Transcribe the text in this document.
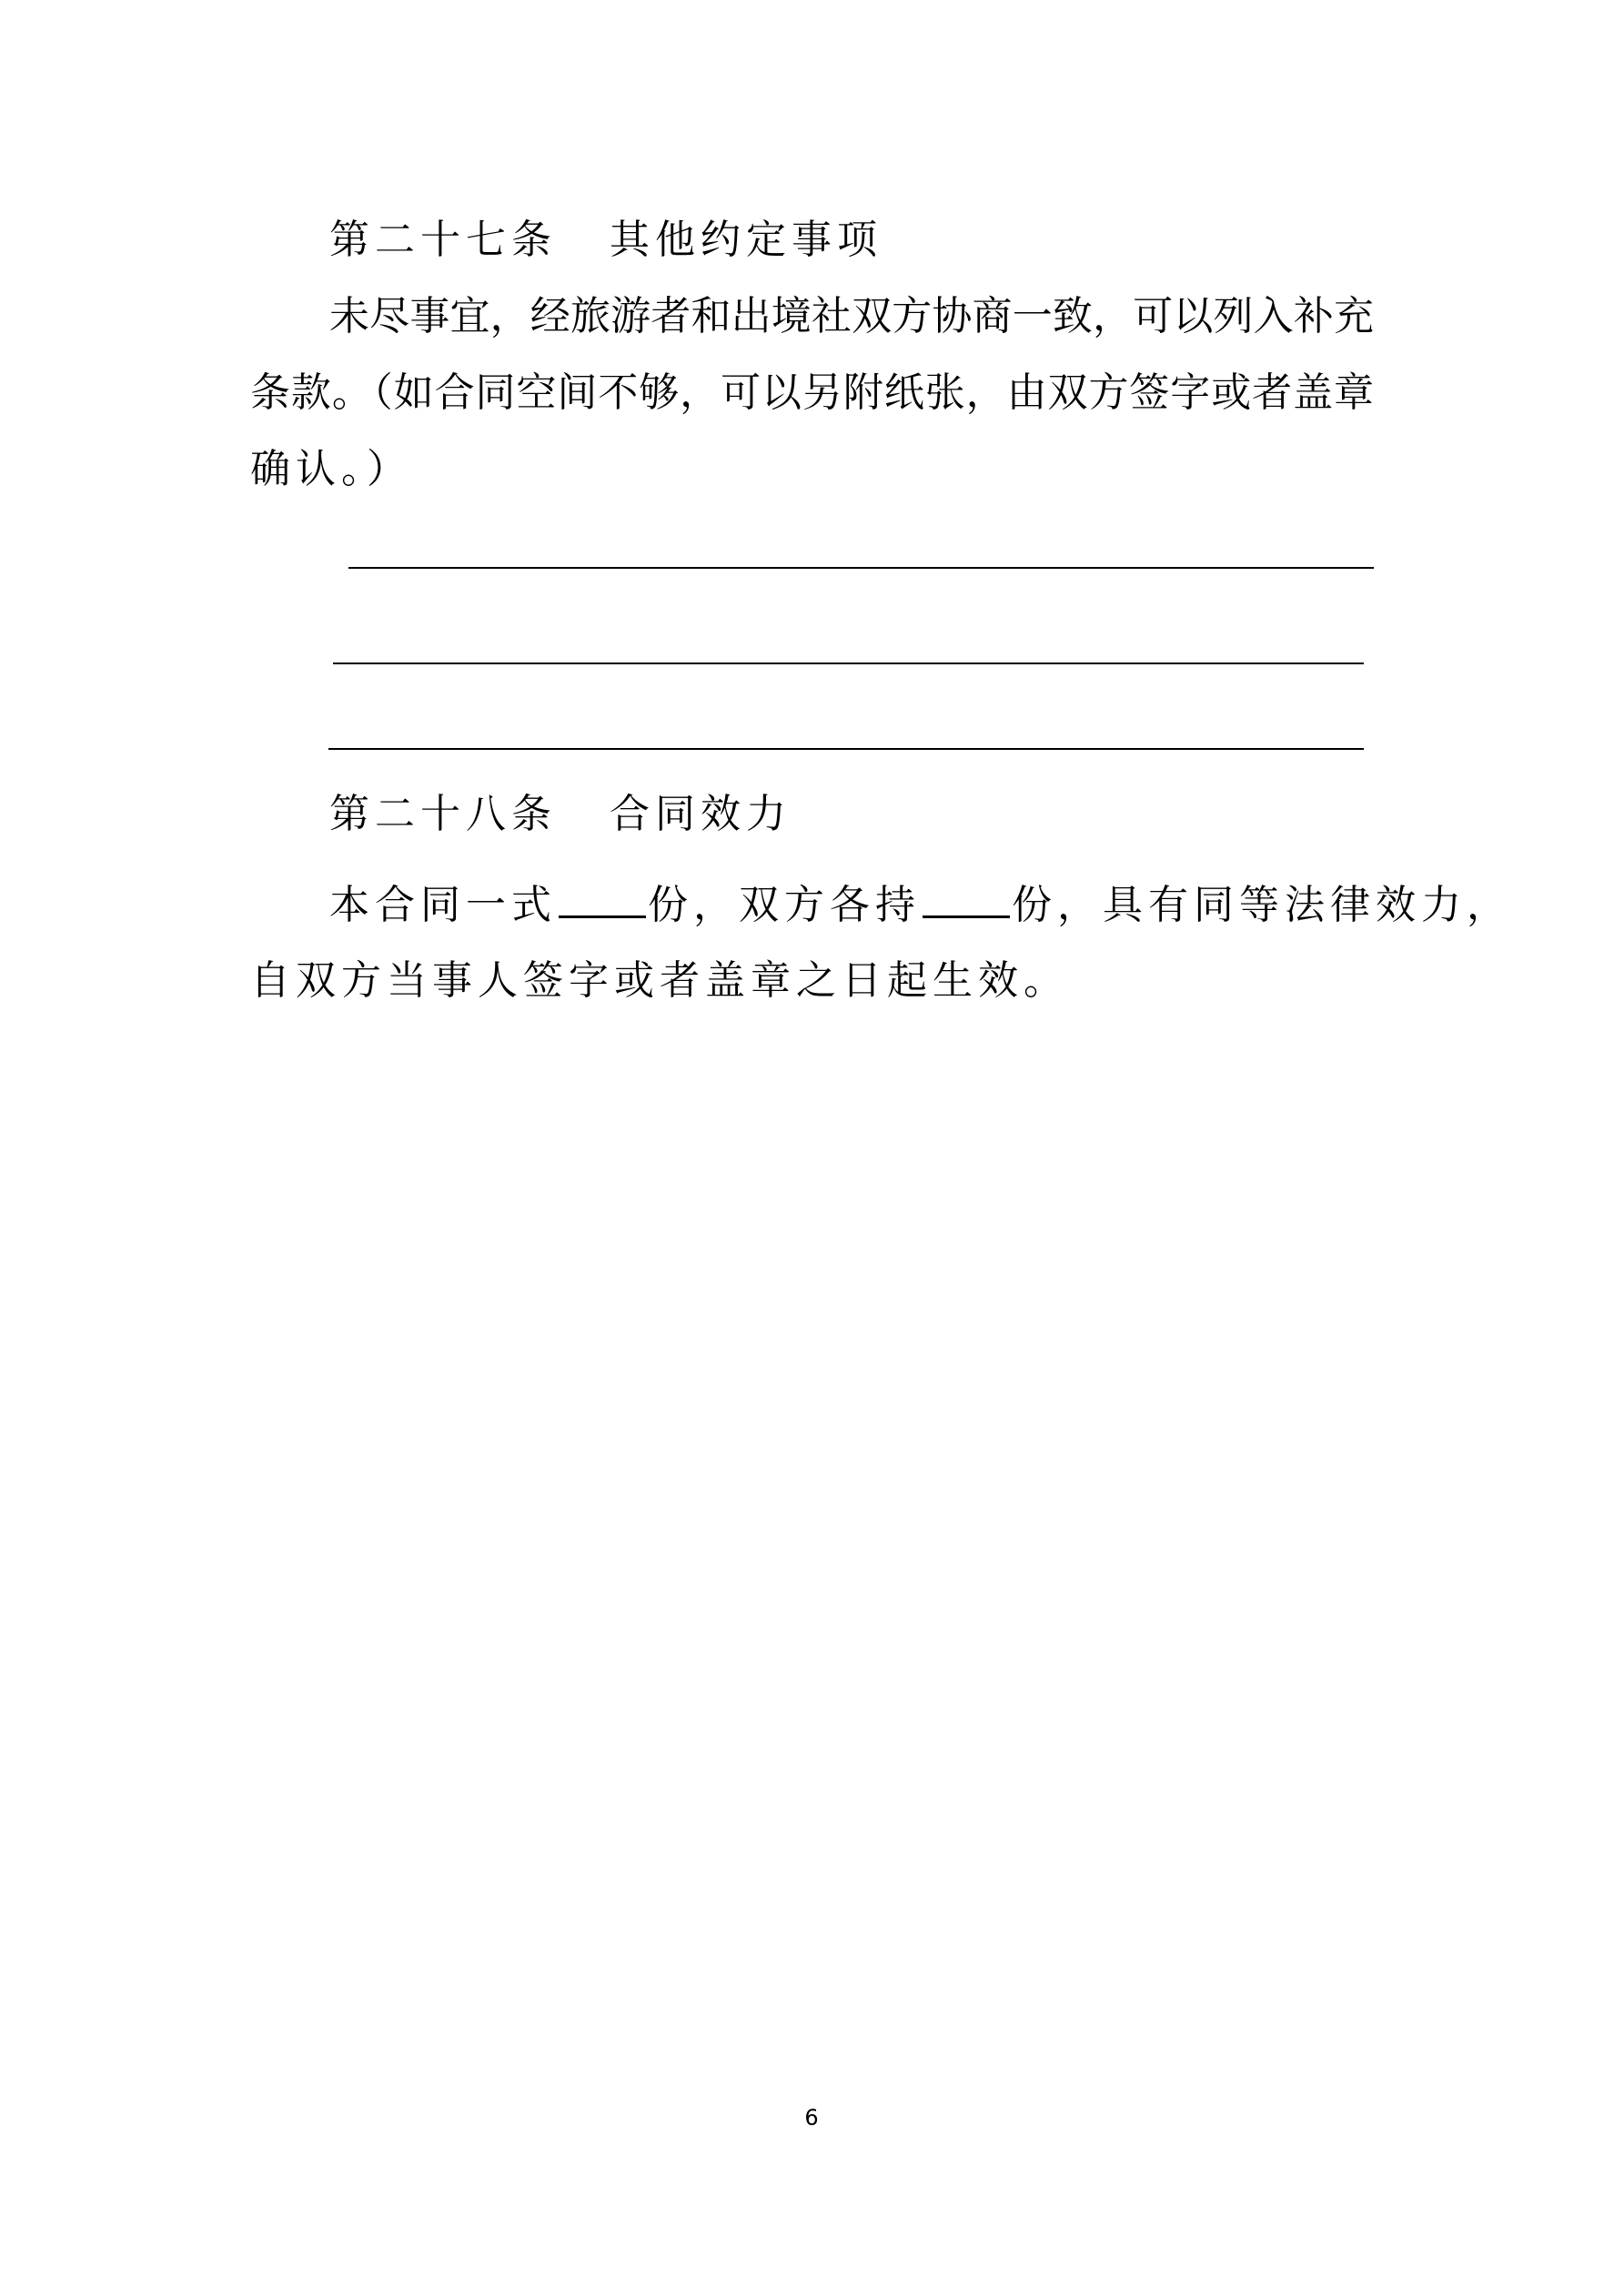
第二十七条 其他约定事项
未尽事宜，经旅游者和出境社双方协商一致，可以列入补充
条款。（如合同空间不够，可以另附纸张，由双方签字或者盖章
确认。）
第二十八条 合同效力
本合同一式 份，双方各持 份，具有同等法律效力，
自双方当事人签字或者盖章之日起生效。
6
